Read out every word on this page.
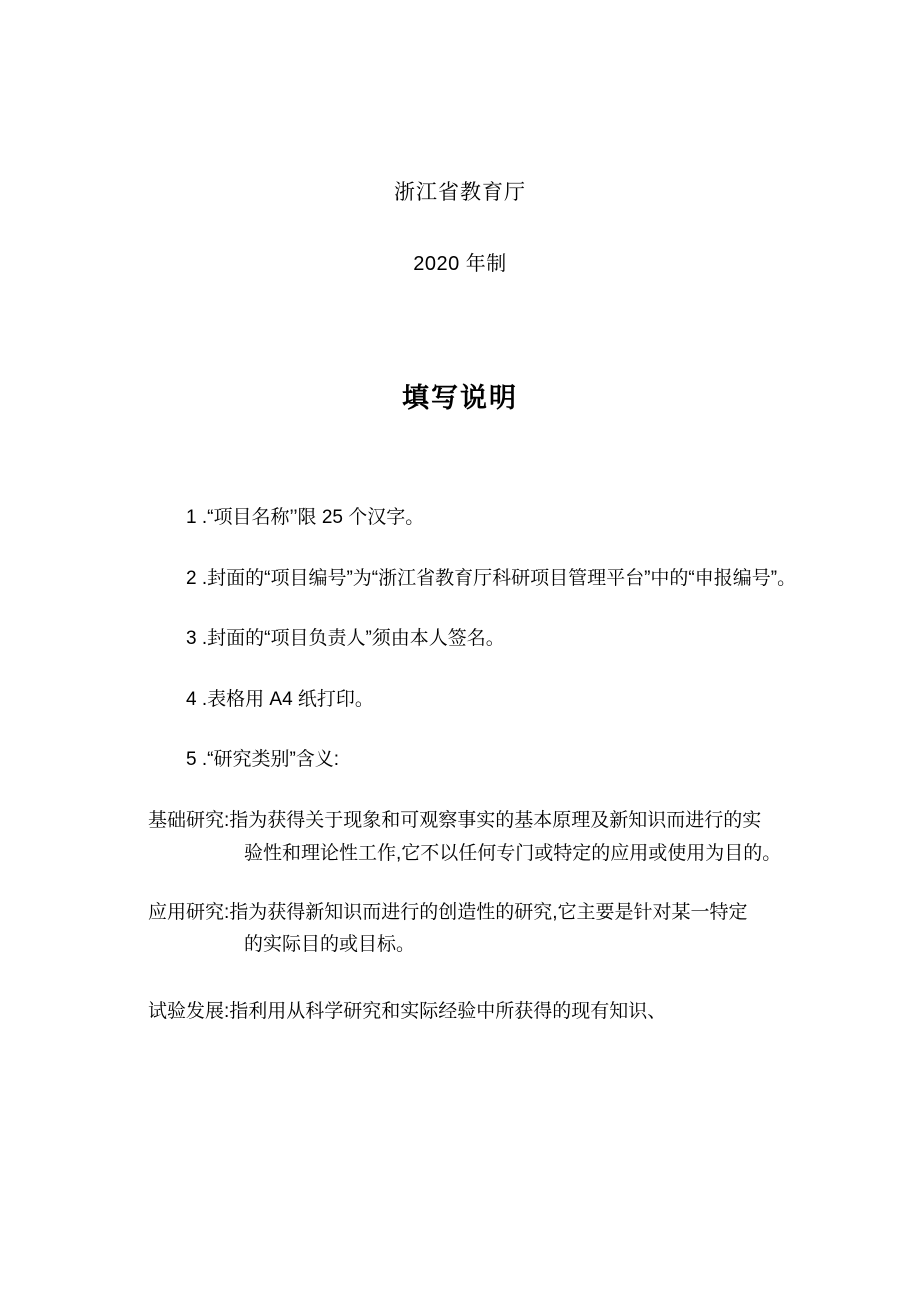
浙江省教育厅
2020 年制
填写说明

1 .“项目名称’’限 25 个汉字。

2 .封面的“项目编号”为“浙江省教育厅科研项目管理平台”中的“申报编号”。

3 .封面的“项目负责人”须由本人签名。

4 .表格用 A4 纸打印。

5 .“研究类别”含义:

基础研究:指为获得关于现象和可观察事实的基本原理及新知识而进行的实
验性和理论性工作,它不以任何专门或特定的应用或使用为目的。

应用研究:指为获得新知识而进行的创造性的研究,它主要是针对某一特定
的实际目的或目标。

试验发展:指利用从科学研究和实际经验中所获得的现有知识、
